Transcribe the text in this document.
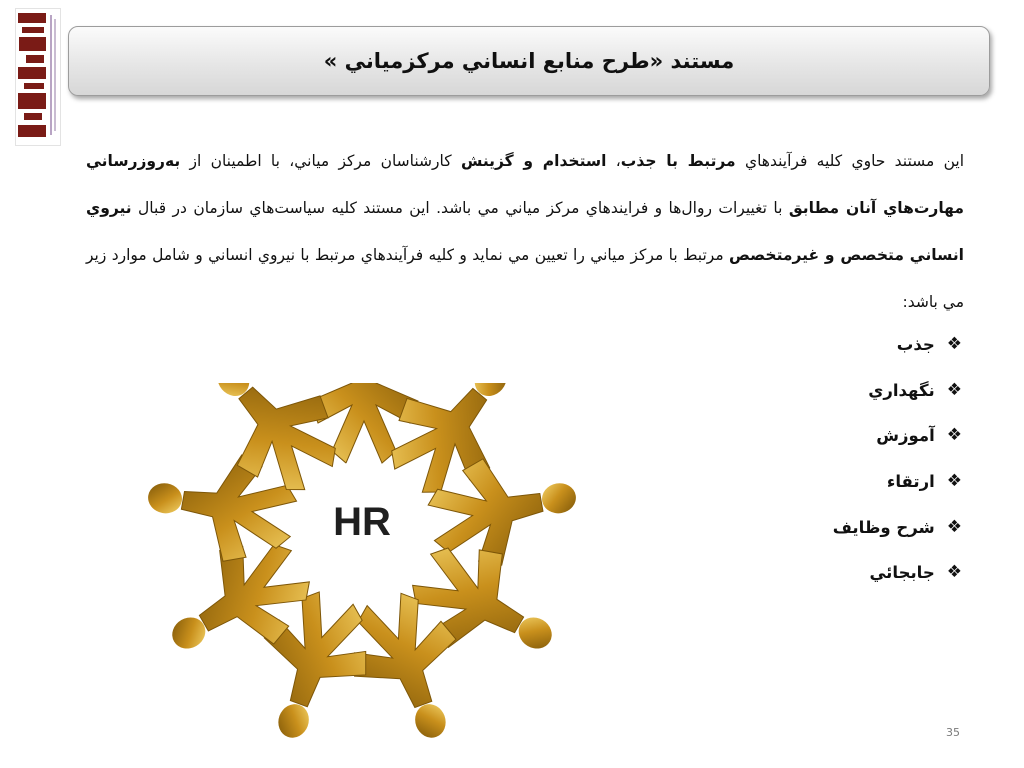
مستند «طرح منابع انساني مركزمياني »

اين مستند حاوي كليه فرآيندهاي مرتبط با جذب، استخدام و گزينش كارشناسان مركز مياني، با اطمينان از به‌روزرساني مهارت‌هاي آنان مطابق با تغييرات روال‌ها و فرايندهاي مركز مياني مي باشد. اين مستند كليه سياست‌هاي سازمان در قبال نيروي انساني متخصص و غيرمتخصص مرتبط با مركز مياني را تعيين مي نمايد و كليه فرآيندهاي مرتبط با نيروي انساني و شامل موارد زير مي باشد:

❖
جذب
❖
نگهداري
❖
آموزش
❖
ارتقاء
❖
شرح وظايف
❖
جابجائي
HR
35
